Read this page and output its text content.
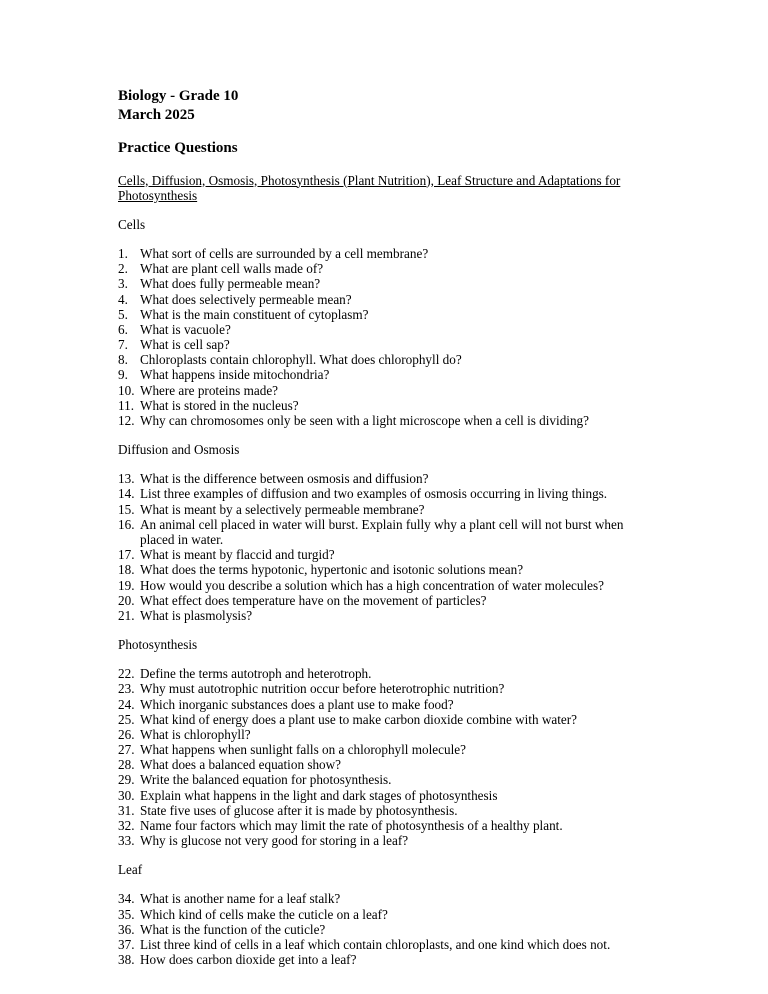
Biology - Grade 10
March 2025
Practice Questions
Cells, Diffusion, Osmosis, Photosynthesis (Plant Nutrition), Leaf Structure and Adaptations for Photosynthesis
Cells
1. What sort of cells are surrounded by a cell membrane?
2. What are plant cell walls made of?
3. What does fully permeable mean?
4. What does selectively permeable mean?
5. What is the main constituent of cytoplasm?
6. What is vacuole?
7. What is cell sap?
8. Chloroplasts contain chlorophyll. What does chlorophyll do?
9. What happens inside mitochondria?
10. Where are proteins made?
11. What is stored in the nucleus?
12. Why can chromosomes only be seen with a light microscope when a cell is dividing?
Diffusion and Osmosis
13. What is the difference between osmosis and diffusion?
14. List three examples of diffusion and two examples of osmosis occurring in living things.
15. What is meant by a selectively permeable membrane?
16. An animal cell placed in water will burst. Explain fully why a plant cell will not burst when placed in water.
17. What is meant by flaccid and turgid?
18. What does the terms hypotonic, hypertonic and isotonic solutions mean?
19. How would you describe a solution which has a high concentration of water molecules?
20. What effect does temperature have on the movement of particles?
21. What is plasmolysis?
Photosynthesis
22. Define the terms autotroph and heterotroph.
23. Why must autotrophic nutrition occur before heterotrophic nutrition?
24. Which inorganic substances does a plant use to make food?
25. What kind of energy does a plant use to make carbon dioxide combine with water?
26. What is chlorophyll?
27. What happens when sunlight falls on a chlorophyll molecule?
28. What does a balanced equation show?
29. Write the balanced equation for photosynthesis.
30. Explain what happens in the light and dark stages of photosynthesis
31. State five uses of glucose after it is made by photosynthesis.
32. Name four factors which may limit the rate of photosynthesis of a healthy plant.
33. Why is glucose not very good for storing in a leaf?
Leaf
34. What is another name for a leaf stalk?
35. Which kind of cells make the cuticle on a leaf?
36. What is the function of the cuticle?
37. List three kind of cells in a leaf which contain chloroplasts, and one kind which does not.
38. How does carbon dioxide get into a leaf?
